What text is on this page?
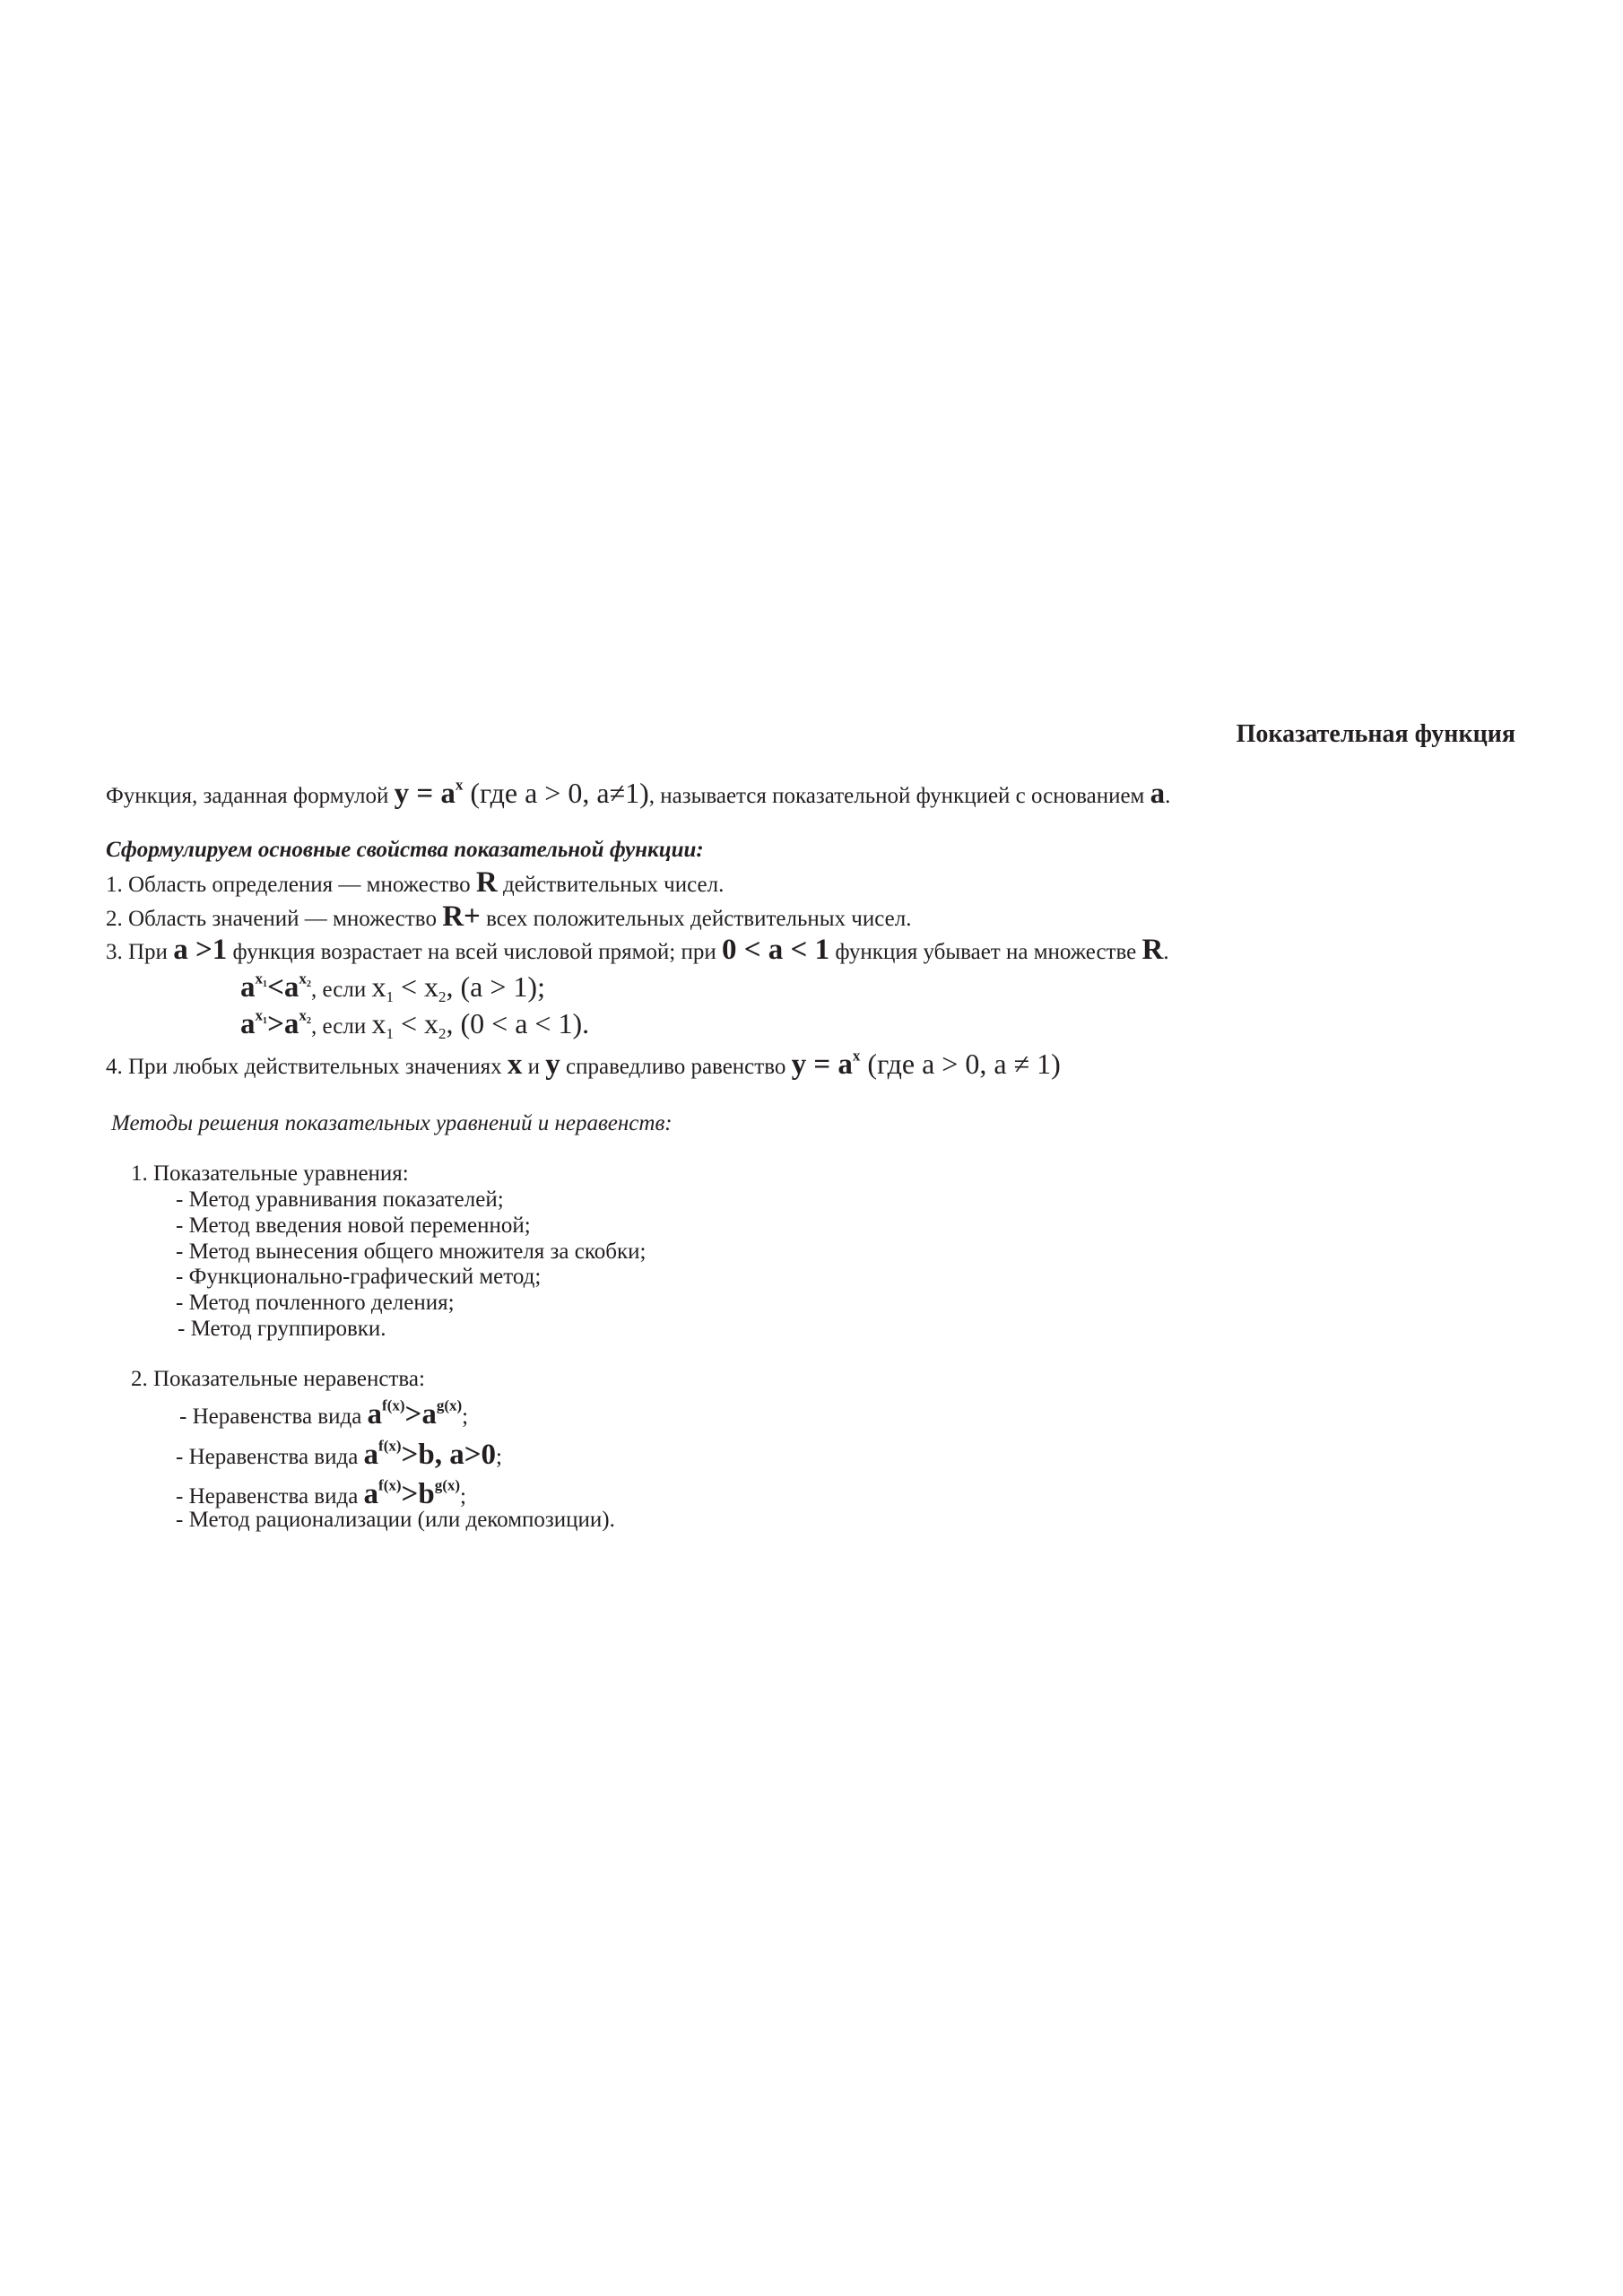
Показательная функция
Функция, заданная формулой $y = a^x$ (где a > 0, a≠1), называется показательной функцией с основанием a.
Сформулируем основные свойства показательной функции:
1. Область определения — множество R действительных чисел.
2. Область значений — множество R+ всех положительных действительных чисел.
3. При a >1 функция возрастает на всей числовой прямой; при 0 < a < 1 функция убывает на множестве R.
$a^{x_1}<a^{x_2}$, если $x_1 < x_2$, (a > 1);
$a^{x_1}>a^{x_2}$, если $x_1 < x_2$, (0 < a < 1).
4. При любых действительных значениях x и y справедливо равенство $y = a^x$ (где a > 0, a ≠ 1)
Методы решения показательных уравнений и неравенств:
1. Показательные уравнения:
- Метод уравнивания показателей;
- Метод введения новой переменной;
- Метод вынесения общего множителя за скобки;
- Функционально-графический метод;
- Метод почленного деления;
- Метод группировки.
2. Показательные неравенства:
- Неравенства вида $a^{f(x)}>a^{g(x)}$;
- Неравенства вида $a^{f(x)}>b$, a>0;
- Неравенства вида $a^{f(x)}>b^{g(x)}$;
- Метод рационализации (или декомпозиции).
